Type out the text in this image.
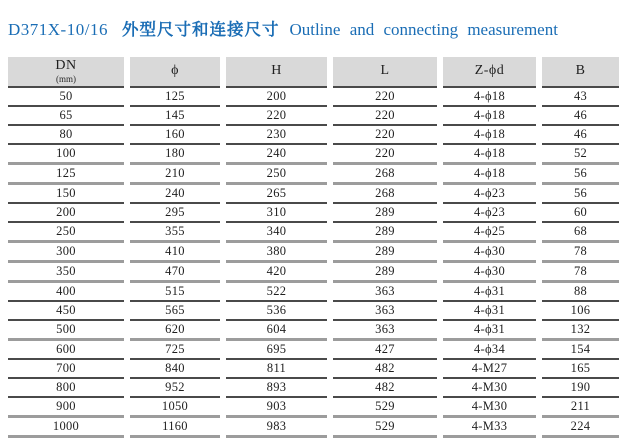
D371X-10/16 外型尺寸和连接尺寸 Outline and connecting measurement
DN
(mm)	ϕ	H	L	Z-ϕd	B

50	125	200	220	4-ϕ18	43
65	145	220	220	4-ϕ18	46
80	160	230	220	4-ϕ18	46
100	180	240	220	4-ϕ18	52
125	210	250	268	4-ϕ18	56
150	240	265	268	4-ϕ23	56
200	295	310	289	4-ϕ23	60
250	355	340	289	4-ϕ25	68
300	410	380	289	4-ϕ30	78
350	470	420	289	4-ϕ30	78
400	515	522	363	4-ϕ31	88
450	565	536	363	4-ϕ31	106
500	620	604	363	4-ϕ31	132
600	725	695	427	4-ϕ34	154
700	840	811	482	4-M27	165
800	952	893	482	4-M30	190
900	1050	903	529	4-M30	211
1000	1160	983	529	4-M33	224
